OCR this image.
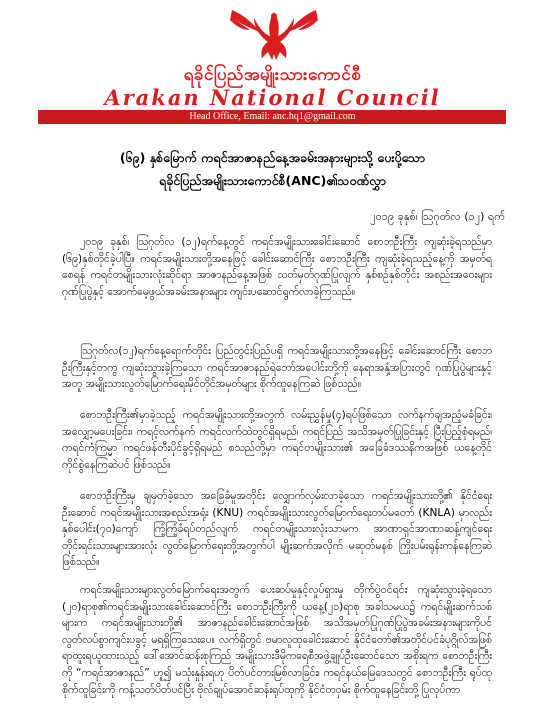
ရခိုင်ပြည်အမျိုးသားကောင်စီ
Arakan National Council
Head Office, Email: anc.hq1@gmail.com
(၆၉) နှစ်မြောက် ကရင်အာဇာနည်နေ့အခမ်းအနားများသို့ ပေးပို့သော
ရခိုင်ပြည်အမျိုးသားကောင်စီ(ANC)၏သဝဏ်လွှာ
၂၀၁၉ ခုနှစ်၊ ဩဂုတ်လ (၁၂) ရက်

၂၀၁၉ ခုနှစ်၊ ဩဂုတ်လ (၁၂)ရက်နေ့တွင် ကရင်အမျိုးသားခေါင်းဆောင် စောဘဦးကြီး ကျဆုံးခဲ့ရသည်မှာ (၆၉)နှစ်တိုင်ခဲ့ပါပြီ။ ကရင်အမျိုးသားတို့အနေဖြင့် ခေါင်းဆောင်ကြီး စောဘဦးကြီး ကျဆုံးခဲ့ရသည့်နေ့ကို အမှတ်ရစေရန် ကရင်တမျိုးသားလုံးဆိုင်ရာ အာဇာနည်နေ့အဖြစ် သတ်မှတ်ဂုဏ်ပြုလျက် နှစ်စဉ်နှစ်တိုင်း အစည်းအဝေးများ ဂုဏ်ပြုပွဲနှင့် အောက်မေ့ဖွယ်အခမ်းအနားများ ကျင်းပဆောင်ရွက်လာခဲ့ကြသည်။

ဩဂုတ်လ(၁၂)ရက်နေ့ရောက်တိုင်း ပြည်တွင်းပြည်ပရှိ ကရင်အမျိုးသားတို့အနေဖြင့် ခေါင်းဆောင်ကြီး စောဘဦးကြီးနှင့်တကွ ကျဆုံးသွားခဲ့ကြသော ကရင်အာဇာနည်ရဲဘော်အပေါင်းတို့ကို နေရာအနှံ့အပြားတွင် ဂုဏ်ပြုပွဲများနှင့်အတူ အမျိုးသားလွတ်မြောက်ရေးမိုင်တိုင်အမှတ်များ စိုက်ထူနေကြဆဲ ဖြစ်သည်။

စောဘဦးကြီး၏မှာခဲ့သည့် ကရင်အမျိုးသားတို့အတွက် လမ်းညွှန်မှု(၄)ရပ်ဖြစ်သော လက်နက်ချအညံ့မခံခြင်း၊ အလျှော့မပေးခြင်း၊ ကရင့်လက်နက် ကရင်လက်ထဲတွင်ရှိရမည်၊ ကရင်ပြည် အသိအမှတ်ပြုခြင်းနှင့် ပြီးပြည့်စုံရမည်၊ ကရင်ကံကြမ္မာ ကရင်ဖန်တီးပိုင်ခွင့်ရှိရမည် စသည်တို့မှာ ကရင်တမျိုးသား၏ အခြေခံဒဿနိကအဖြစ် ယနေ့တိုင် ကိုင်စွဲနေကြဆဲပင် ဖြစ်သည်။

စောဘဦးကြီးမှ ချမှတ်ခဲ့သော အခြေခံမူအတိုင်း လျှောက်လှမ်းလာခဲ့သော ကရင်အမျိုးသားတို့၏ နိုင်ငံရေးဦးဆောင် ကရင်အမျိုးသားအစည်းအရုံး (KNU) ကရင်အမျိုးသားလွတ်မြောက်ရေးတပ်မတော် (KNLA) မှာလည်း နှစ်ပေါင်း(၇၀)ကျော် ကြံ့ကြံ့ခံရပ်တည်လျက် ကရင်တမျိုးသားလုံးသာမက အာဏာရှင်အာဏာဆန့်ကျင်ရေး တိုင်းရင်းသားများအားလုံး လွတ်မြောက်ရေးတို့အတွက်ပါ မျိုးဆက်အလိုက် မဆုတ်မနစ် ကြိုးပမ်းရုန်းကန်နေကြဆဲဖြစ်သည်။

ကရင်အမျိုးသားများလွတ်မြောက်ရေးအတွက် ပေးဆပ်မှုနှင့်လှုပ်ရှားမှု တိုက်ပွဲဝင်ရင်း ကျဆုံးသွားခဲ့ရသော (၂၀)ရာစု၏ကရင်အမျိုးသားခေါင်းဆောင်ကြီး စောဘဦးကြီးကို ယနေ့(၂၁)ရာစု အခါသမယ၌ ကရင်မျိုးဆက်သစ်များက ကရင်အမျိုးသားတို့၏ အာဇာနည်ခေါင်းဆောင်အဖြစ် အသိအမှတ်ပြုဂုဏ်ပြုပွဲအခမ်းအနားများကိုပင် လွတ်လပ်စွာကျင်းပခွင့် မရရှိကြသေးပေ။ လက်ရှိတွင် ဗမာလူထုခေါင်းဆောင် နိုင်ငံတော်၏အတိုင်ပင်ခံပုဂ္ဂိုလ်အဖြစ်ရာထူးရယူထားသည့် ဒေါ်အောင်ဆန်းစုကြည် အမျိုးသားဒီမိုကရေစီအဖွဲ့ချုပ်ဦးဆောင်သော အစိုးရက စောဘဦးကြီးကို “ကရင်အာဇာနည်” ဟူ၍ မသုံးနှုန်းရဟု ပိတ်ပင်တားမြစ်လာခြင်း၊ ကရင်နယ်မြေဒေသတွင် စောဘဦးကြီး ရုပ်ထုစိုက်ထူခြင်းကို ကန့်သတ်ပိတ်ပင်ပြီး ဗိုလ်ချုပ်အောင်ဆန်းရုပ်ထုကို နိုင်ငံတဝှမ်း စိုက်ထူနေခြင်းတို့ ပြုလုပ်ကာ
